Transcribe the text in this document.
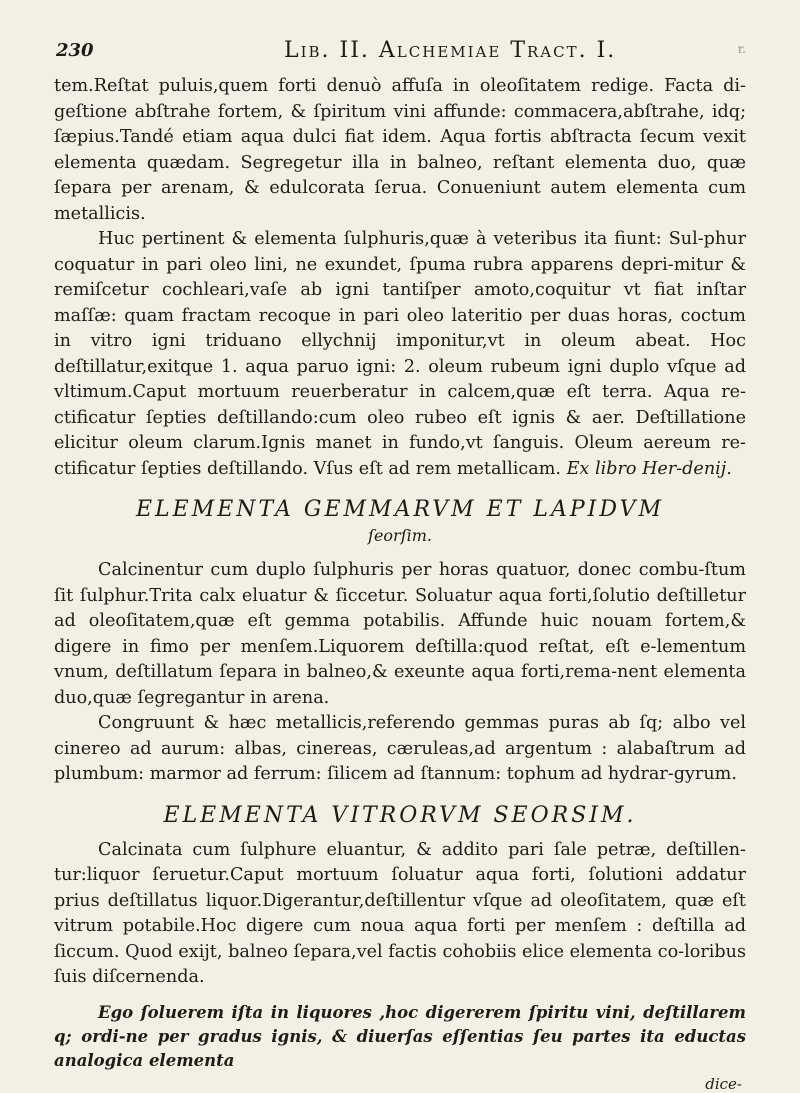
230	Lib. II. Alchemiae Tract. I.	r.

tem.Reſtat puluis,quem forti denuò affuſa in oleoſitatem redige. Facta di-geſtione abſtrahe fortem, & ſpiritum vini affunde: commacera,abſtrahe, idq; ſæpius.Tandé etiam aqua dulci fiat idem. Aqua fortis abſtracta ſecum vexit elementa quædam. Segregetur illa in balneo, reſtant elementa duo, quæ ſepara per arenam, & edulcorata ſerua. Conueniunt autem elementa cum metallicis.

Huc pertinent & elementa ſulphuris,quæ à veteribus ita fiunt: Sul-phur coquatur in pari oleo lini, ne exundet, ſpuma rubra apparens depri-mitur & remiſcetur cochleari,vaſe ab igni tantiſper amoto,coquitur vt fiat inſtar maſſæ: quam fractam recoque in pari oleo lateritio per duas horas, coctum in vitro igni triduano ellychnij imponitur,vt in oleum abeat. Hoc deſtillatur,exitque 1. aqua paruo igni: 2. oleum rubeum igni duplo vſque ad vltimum.Caput mortuum reuerberatur in calcem,quæ eſt terra. Aqua re-ctificatur ſepties deſtillando:cum oleo rubeo eſt ignis & aer. Deſtillatione elicitur oleum clarum.Ignis manet in fundo,vt ſanguis. Oleum aereum re-ctificatur ſepties deſtillando. Vſus eſt ad rem metallicam. Ex libro Her-denij.

ELEMENTA GEMMARVM ET LAPIDVM
ſeorſim.

Calcinentur cum duplo ſulphuris per horas quatuor, donec combu-ſtum ſit ſulphur.Trita calx eluatur & ſiccetur. Soluatur aqua forti,ſolutio deſtilletur ad oleoſitatem,quæ eſt gemma potabilis. Affunde huic nouam fortem,& digere in fimo per menſem.Liquorem deſtilla:quod reſtat, eſt e-lementum vnum, deſtillatum ſepara in balneo,& exeunte aqua forti,rema-nent elementa duo,quæ ſegregantur in arena.

Congruunt & hæc metallicis,referendo gemmas puras ab ſq; albo vel cinereo ad aurum: albas, cinereas, cæruleas,ad argentum : alabaſtrum ad plumbum: marmor ad ferrum: ſilicem ad ſtannum: tophum ad hydrar-gyrum.

ELEMENTA VITRORVM SEORSIM.

Calcinata cum ſulphure eluantur, & addito pari ſale petræ, deſtillen-tur:liquor ſeruetur.Caput mortuum ſoluatur aqua forti, ſolutioni addatur prius deſtillatus liquor.Digerantur,deſtillentur vſque ad oleoſitatem, quæ eſt vitrum potabile.Hoc digere cum noua aqua forti per menſem : deſtilla ad ſiccum. Quod exijt, balneo ſepara,vel factis cohobiis elice elementa co-loribus ſuis diſcernenda.

Ego ſoluerem iſta in liquores ,hoc digererem ſpiritu vini, deſtillarem q; ordi-ne per gradus ignis, & diuerſas eſſentias ſeu partes ita eductas analogica elementa

dice-
